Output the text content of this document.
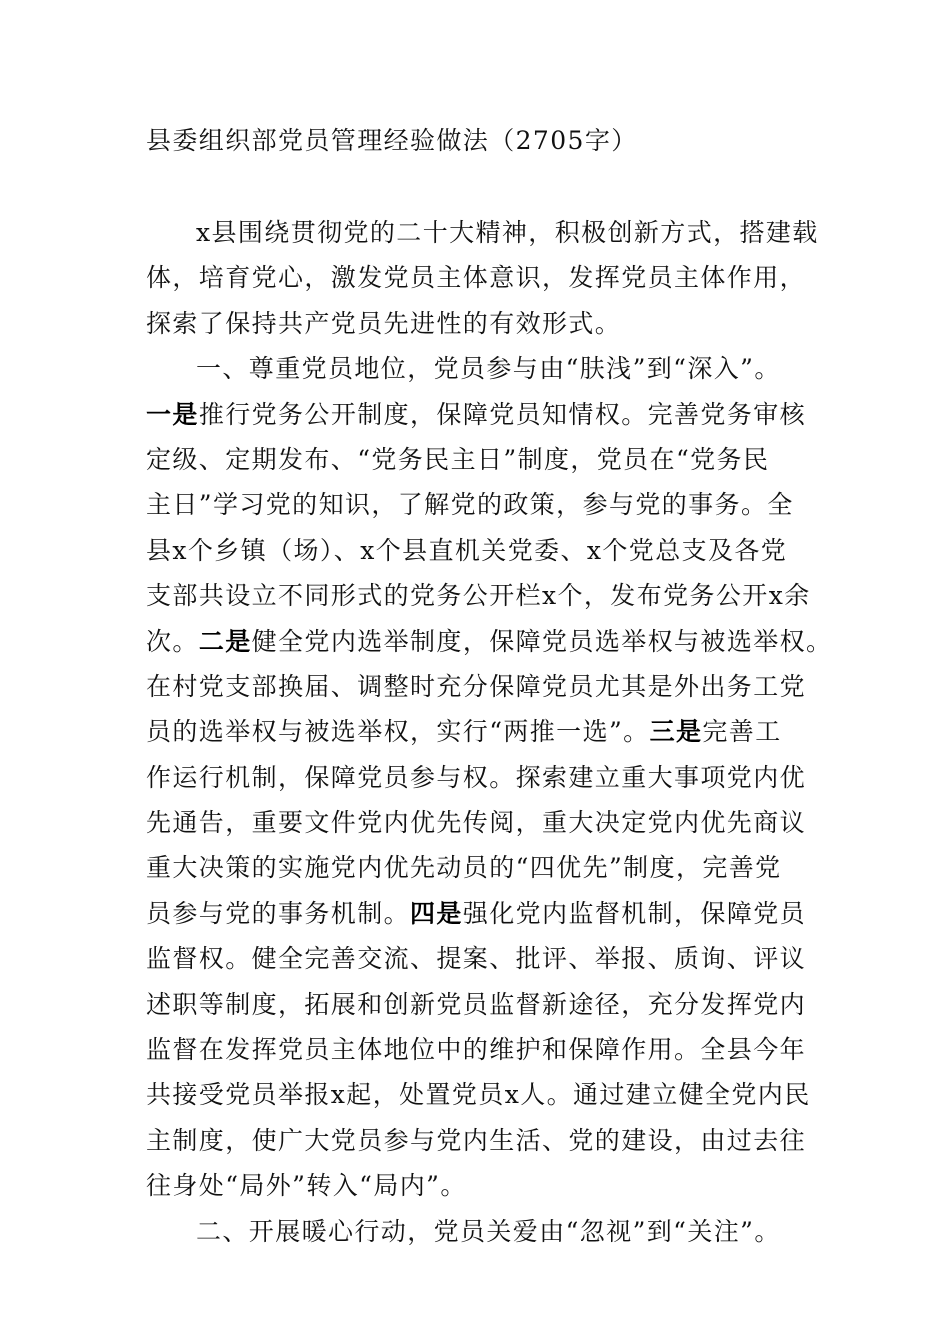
县委组织部党员管理经验做法（2705字）
x县围绕贯彻党的二十大精神，积极创新方式，搭建载
体，培育党心，激发党员主体意识，发挥党员主体作用，
探索了保持共产党员先进性的有效形式。
一、尊重党员地位，党员参与由“肤浅”到“深入”。
一是推行党务公开制度，保障党员知情权。完善党务审核
定级、定期发布、“党务民主日”制度，党员在“党务民
主日”学习党的知识，了解党的政策，参与党的事务。全
县x个乡镇（场）、x个县直机关党委、x个党总支及各党
支部共设立不同形式的党务公开栏x个，发布党务公开x余
次。二是健全党内选举制度，保障党员选举权与被选举权。
在村党支部换届、调整时充分保障党员尤其是外出务工党
员的选举权与被选举权，实行“两推一选”。三是完善工
作运行机制，保障党员参与权。探索建立重大事项党内优
先通告，重要文件党内优先传阅，重大决定党内优先商议
重大决策的实施党内优先动员的“四优先”制度，完善党
员参与党的事务机制。四是强化党内监督机制，保障党员
监督权。健全完善交流、提案、批评、举报、质询、评议
述职等制度，拓展和创新党员监督新途径，充分发挥党内
监督在发挥党员主体地位中的维护和保障作用。全县今年
共接受党员举报x起，处置党员x人。通过建立健全党内民
主制度，使广大党员参与党内生活、党的建设，由过去往
往身处“局外”转入“局内”。
二、开展暖心行动，党员关爱由“忽视”到“关注”。
